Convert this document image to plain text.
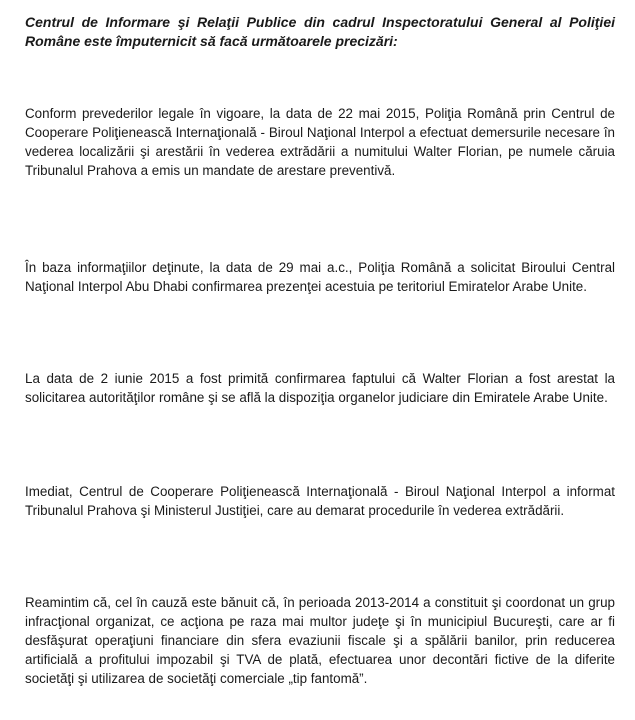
Centrul de Informare şi Relaţii Publice din cadrul Inspectoratului General al Poliţiei Române este împuternicit să facă următoarele precizări:

Conform prevederilor legale în vigoare, la data de 22 mai 2015, Poliţia Română prin Centrul de Cooperare Poliţienească Internaţională - Biroul Naţional Interpol a efectuat demersurile necesare în vederea localizării şi arestării în vederea extrădării a numitului Walter Florian, pe numele căruia Tribunalul Prahova a emis un mandate de arestare preventivă.

În baza informaţiilor deţinute, la data de 29 mai a.c., Poliţia Română a solicitat Biroului Central Naţional Interpol Abu Dhabi confirmarea prezenţei acestuia pe teritoriul Emiratelor Arabe Unite.

La data de 2 iunie 2015 a fost primită confirmarea faptului că Walter Florian a fost arestat la solicitarea autorităţilor române şi se află la dispoziţia organelor judiciare din Emiratele Arabe Unite.

Imediat, Centrul de Cooperare Poliţienească Internaţională - Biroul Naţional Interpol a informat Tribunalul Prahova şi Ministerul Justiţiei, care au demarat procedurile în vederea extrădării.

Reamintim că, cel în cauză este bănuit că, în perioada 2013-2014 a constituit şi coordonat un grup infracţional organizat, ce acţiona pe raza mai multor judeţe şi în municipiul Bucureşti, care ar fi desfăşurat operaţiuni financiare din sfera evaziunii fiscale şi a spălării banilor, prin reducerea artificială a profitului impozabil şi TVA de plată, efectuarea unor decontări fictive de la diferite societăţi şi utilizarea de societăţi comerciale „tip fantomă”.
